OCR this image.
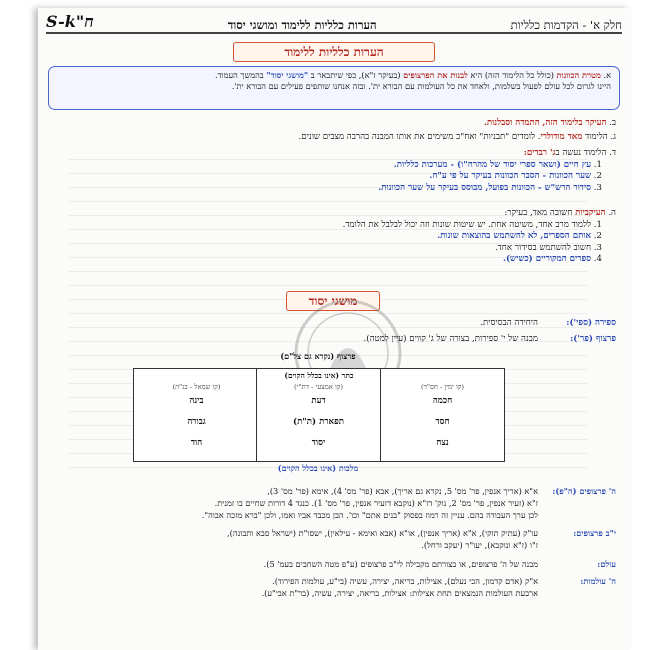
חלק א' - הקדמות כלליות
הערות כלליות ללימוד ומושגי יסוד
S-k"ח
הערות כלליות ללימוד
א. מטרת הכוונות (כולל כל הלימוד הזה) היא לבנות את הפרצופים (בעיקר ז"א), כפי שיתבאר ב "מושגי יסוד" בהמשך העמוד.
היינו לגרום לכל עולם לפעול בשלמות, ולאחד את כל העולמות עם הבורא ית'. ובזה אנחנו שותפים פעילים עם הבורא ית'.

ב. העיקר בלימוד הזה, התמדה וסבלנות.

ג. הלימוד מאד מודולרי. לומדים "תבניות" ואח"כ משימים את אותו המבנה בהרבה מצבים שונים.

ד. הלימוד נעשה בג' רבדים:

1. עץ חיים (ושאר ספרי יסוד של מהרח"ו) - מערכות כלליות.

2. שער הכוונות - הסבר הכוונות בעיקר על פי ע"ח.

3. סידור הרש"ש - הכוונות בפועל, מבוסס בעיקר על שער הכוונות.

ה. העיקביות חשובה מאד, בעיקר:

1. ללמוד מרב אחד, משיטה אחת. יש שיטות שונות וזה יכול לבלבל את הלומד.

2. אותם הספרים, לא להשתמש בהוצאות שונות.

3. חשוב להשתמש בסידור אחד.

4. ספרים המקוריים (כשיש).

מושגי יסוד
ספירה (ספי'):
היחידה הבסיסית.
פרצוף (פר'):
מבנה של י' ספירות, בצורה של ג' קווים (עיין למטה).
פרצוף (נקרא גם צל"ם)
כתר (אינו בכלל הקוים)
(קו ימין - חס"ד)
חכמה
חסד
נצח
(קו אמצעי - דת"י)
דעת
תפארת (ת"ת)
יסוד
(קו שמאל - בג"ה)
בינה
גבורה
הוד
מלכות (אינו בכלל הקוים)

ה' פרצופים (ה"פ):
א"א (אריך אנפין, פר' מס' 5, נקרא גם אריך), אבא (פר' מס' 4), אימא (פר' מס' 3),

ז"א (זעיר אנפין, פר' מס' 2, נוק' דז"א (נוקבא דזעיר אנפין, פר' מס' 1). כנגד 4 דורות שחיים בו זמנית.

לכן ערך העבודה בהם. עניין זה רמוז בפסוק "בנים אתם" וכו'. הבן מכבד אביו ואמו, ולכן "ברא מזכה אבוה".

י"ב פרצופים:
עו"ק (עתיק תוקי), א"א (אריך אנפין), או"א (אבא ואימא - עילאין), ישסו"ת (ישראל סבא ותבונה),

ז"ו (ז"א ונוקבא), יעו"ר (יעקב ורחל).

עולם:
מבנה של ה' פרצופים, או בצורתם מקבילה לי"ב פרצופים (ע"פ מטה השחבים בעמ' 5).

ה' עולמות:
א"ק (אדם קדמון, הכי נעלם), אצילות, בריאה, יצירה, עשיה (בי"ע, עולמות הפירוד).

ארבעת העולמות הנמצאים תחת אצילות: אצילות, בריאה, יצירה, עשיה, (בר"ת אבי"ע).
